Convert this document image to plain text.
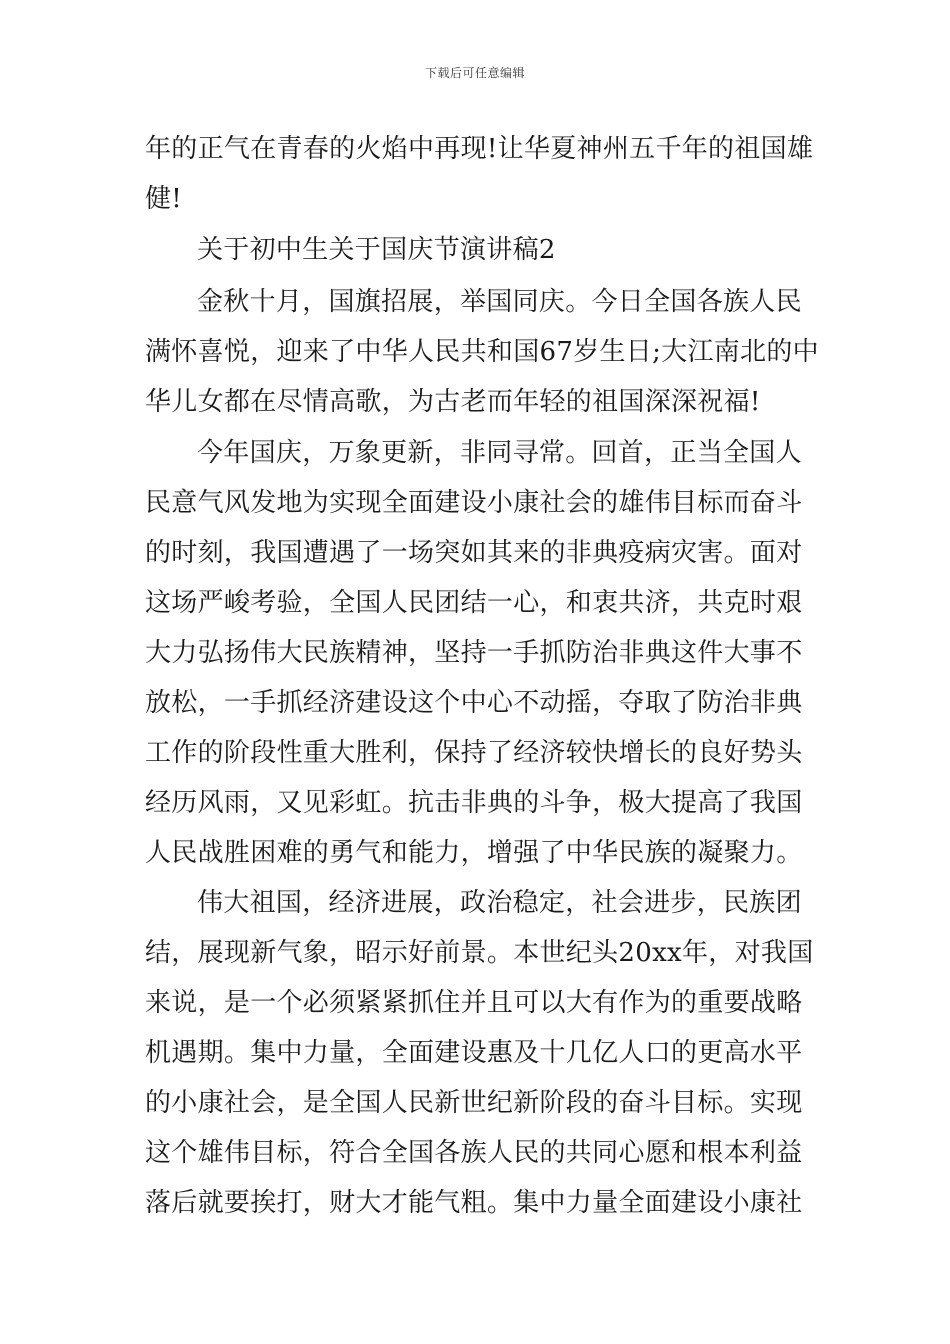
下载后可任意编辑
年的正气在青春的火焰中再现!让华夏神州五千年的祖国雄
健!
关于初中生关于国庆节演讲稿2
金秋十月，国旗招展，举国同庆。今日全国各族人民
满怀喜悦，迎来了中华人民共和国67岁生日;大江南北的中
华儿女都在尽情高歌，为古老而年轻的祖国深深祝福!
今年国庆，万象更新，非同寻常。回首，正当全国人
民意气风发地为实现全面建设小康社会的雄伟目标而奋斗
的时刻，我国遭遇了一场突如其来的非典疫病灾害。面对
这场严峻考验，全国人民团结一心，和衷共济，共克时艰
大力弘扬伟大民族精神，坚持一手抓防治非典这件大事不
放松，一手抓经济建设这个中心不动摇，夺取了防治非典
工作的阶段性重大胜利，保持了经济较快增长的良好势头
经历风雨，又见彩虹。抗击非典的斗争，极大提高了我国
人民战胜困难的勇气和能力，增强了中华民族的凝聚力。
伟大祖国，经济进展，政治稳定，社会进步，民族团
结，展现新气象，昭示好前景。本世纪头20xx年，对我国
来说，是一个必须紧紧抓住并且可以大有作为的重要战略
机遇期。集中力量，全面建设惠及十几亿人口的更高水平
的小康社会，是全国人民新世纪新阶段的奋斗目标。实现
这个雄伟目标，符合全国各族人民的共同心愿和根本利益
落后就要挨打，财大才能气粗。集中力量全面建设小康社
